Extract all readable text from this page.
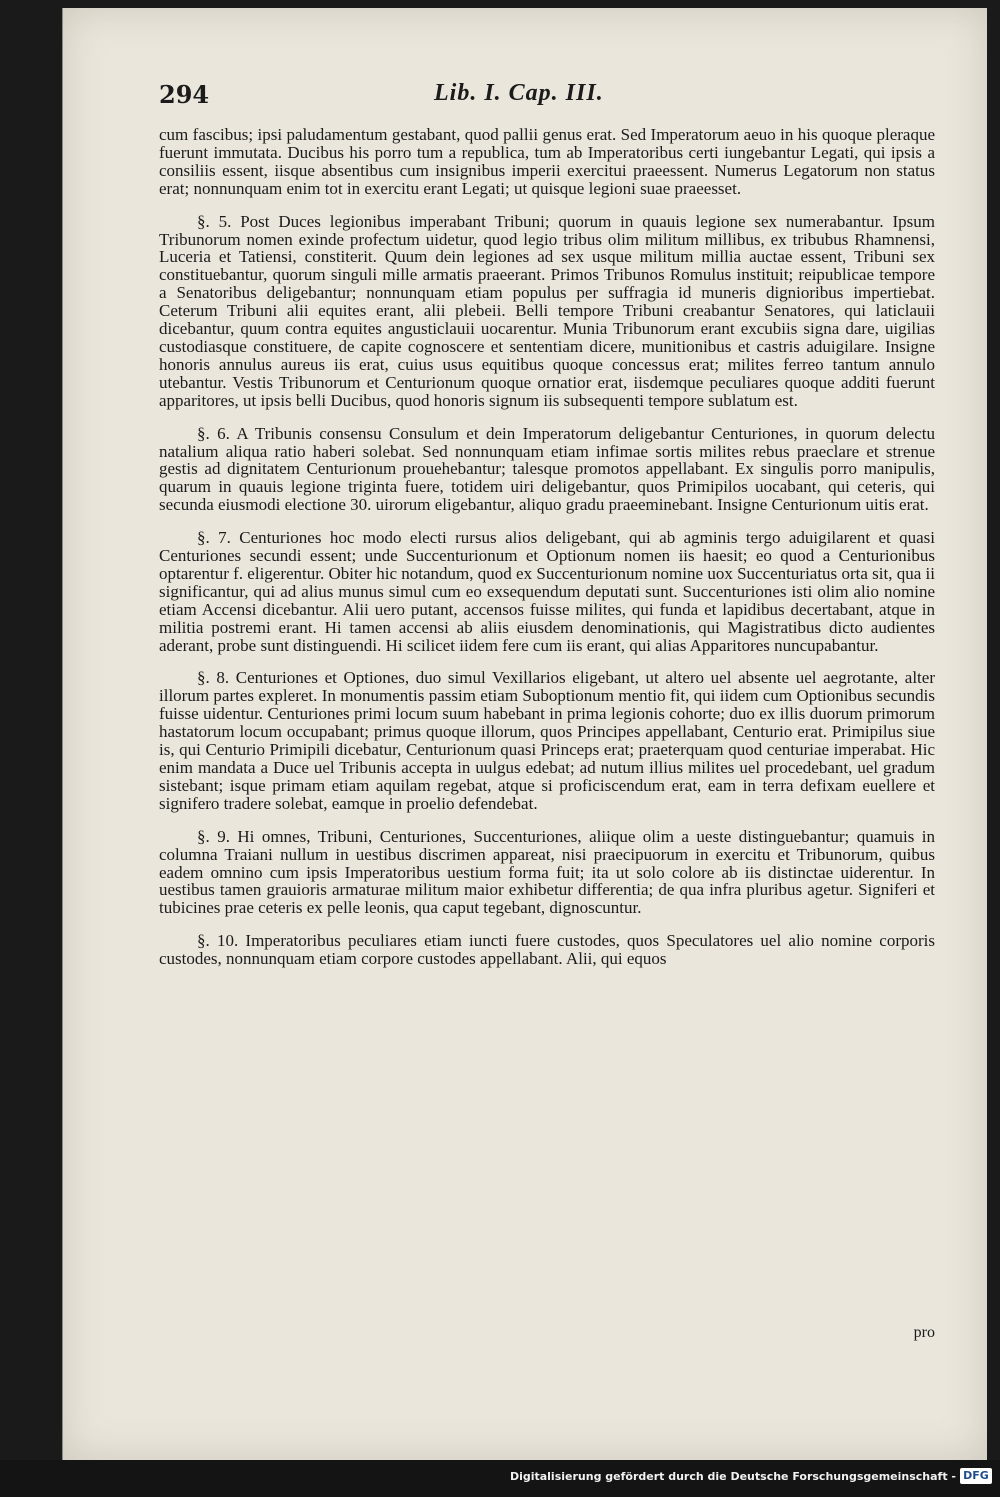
294	Lib. I. Cap. III.

cum fascibus; ipsi paludamentum gestabant, quod pallii genus erat. Sed Imperatorum aeuo in his quoque pleraque fuerunt immutata. Ducibus his porro tum a republica, tum ab Imperatoribus certi iungebantur Legati, qui ipsis a consiliis essent, iisque absentibus cum insignibus imperii exercitui praeessent. Numerus Legatorum non status erat; nonnunquam enim tot in exercitu erant Legati; ut quisque legioni suae praeesset.

§. 5. Post Duces legionibus imperabant Tribuni; quorum in quauis legione sex numerabantur. Ipsum Tribunorum nomen exinde profectum uidetur, quod legio tribus olim militum millibus, ex tribubus Rhamnensi, Luceria et Tatiensi, constiterit. Quum dein legiones ad sex usque militum millia auctae essent, Tribuni sex constituebantur, quorum singuli mille armatis praeerant. Primos Tribunos Romulus instituit; reipublicae tempore a Senatoribus deligebantur; nonnunquam etiam populus per suffragia id muneris dignioribus impertiebat. Ceterum Tribuni alii equites erant, alii plebeii. Belli tempore Tribuni creabantur Senatores, qui laticlauii dicebantur, quum contra equites angusticlauii uocarentur. Munia Tribunorum erant excubiis signa dare, uigilias custodiasque constituere, de capite cognoscere et sententiam dicere, munitionibus et castris aduigilare. Insigne honoris annulus aureus iis erat, cuius usus equitibus quoque concessus erat; milites ferreo tantum annulo utebantur. Vestis Tribunorum et Centurionum quoque ornatior erat, iisdemque peculiares quoque additi fuerunt apparitores, ut ipsis belli Ducibus, quod honoris signum iis subsequenti tempore sublatum est.

§. 6. A Tribunis consensu Consulum et dein Imperatorum deligebantur Centuriones, in quorum delectu natalium aliqua ratio haberi solebat. Sed nonnunquam etiam infimae sortis milites rebus praeclare et strenue gestis ad dignitatem Centurionum prouehebantur; talesque promotos appellabant. Ex singulis porro manipulis, quarum in quauis legione triginta fuere, totidem uiri deligebantur, quos Primipilos uocabant, qui ceteris, qui secunda eiusmodi electione 30. uirorum eligebantur, aliquo gradu praeeminebant. Insigne Centurionum uitis erat.

§. 7. Centuriones hoc modo electi rursus alios deligebant, qui ab agminis tergo aduigilarent et quasi Centuriones secundi essent; unde Succenturionum et Optionum nomen iis haesit; eo quod a Centurionibus optarentur f. eligerentur. Obiter hic notandum, quod ex Succenturionum nomine uox Succenturiatus orta sit, qua ii significantur, qui ad alius munus simul cum eo exsequendum deputati sunt. Succenturiones isti olim alio nomine etiam Accensi dicebantur. Alii uero putant, accensos fuisse milites, qui funda et lapidibus decertabant, atque in militia postremi erant. Hi tamen accensi ab aliis eiusdem denominationis, qui Magistratibus dicto audientes aderant, probe sunt distinguendi. Hi scilicet iidem fere cum iis erant, qui alias Apparitores nuncupabantur.

§. 8. Centuriones et Optiones, duo simul Vexillarios eligebant, ut altero uel absente uel aegrotante, alter illorum partes expleret. In monumentis passim etiam Suboptionum mentio fit, qui iidem cum Optionibus secundis fuisse uidentur. Centuriones primi locum suum habebant in prima legionis cohorte; duo ex illis duorum primorum hastatorum locum occupabant; primus quoque illorum, quos Principes appellabant, Centurio erat. Primipilus siue is, qui Centurio Primipili dicebatur, Centurionum quasi Princeps erat; praeterquam quod centuriae imperabat. Hic enim mandata a Duce uel Tribunis accepta in uulgus edebat; ad nutum illius milites uel procedebant, uel gradum sistebant; isque primam etiam aquilam regebat, atque si proficiscendum erat, eam in terra defixam euellere et signifero tradere solebat, eamque in proelio defendebat.

§. 9. Hi omnes, Tribuni, Centuriones, Succenturiones, aliique olim a ueste distinguebantur; quamuis in columna Traiani nullum in uestibus discrimen appareat, nisi praecipuorum in exercitu et Tribunorum, quibus eadem omnino cum ipsis Imperatoribus uestium forma fuit; ita ut solo colore ab iis distinctae uiderentur. In uestibus tamen grauioris armaturae militum maior exhibetur differentia; de qua infra pluribus agetur. Signiferi et tubicines prae ceteris ex pelle leonis, qua caput tegebant, dignoscuntur.

§. 10. Imperatoribus peculiares etiam iuncti fuere custodes, quos Speculatores uel alio nomine corporis custodes, nonnunquam etiam corpore custodes appellabant. Alii, qui equos

pro
Digitalisierung gefördert durch die Deutsche Forschungsgemeinschaft - DFG
